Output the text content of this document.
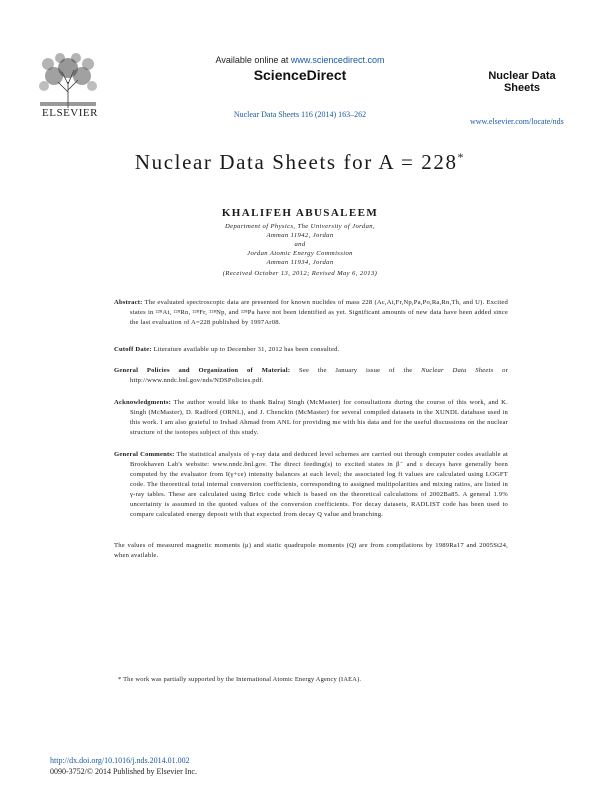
ELSEVIER
Available online at www.sciencedirect.com
ScienceDirect
Nuclear Data Sheets 116 (2014) 163–262
Nuclear Data
Sheets
www.elsevier.com/locate/nds
Nuclear Data Sheets for A = 228*
KHALIFEH ABUSALEEM
Department of Physics, The University of Jordan,
Amman 11942, Jordan
and
Jordan Atomic Energy Commission
Amman 11934, Jordan
(Received October 13, 2012; Revised May 6, 2013)
Abstract: The evaluated spectroscopic data are presented for known nuclides of mass 228 (Ac,At,Fr,Np,Pa,Po,Ra,Rn,Th, and U). Excited states in ²²⁸At, ²²⁸Rn, ²²⁸Fr, ²²⁸Np, and ²²⁸Pa have not been identified as yet. Significant amounts of new data have been added since the last evaluation of A=228 published by 1997Ar08.
Cutoff Date: Literature available up to December 31, 2012 has been consulted.
General Policies and Organization of Material: See the January issue of the Nuclear Data Sheets or http://www.nndc.bnl.gov/nds/NDSPolicies.pdf.
Acknowledgments: The author would like to thank Balraj Singh (McMaster) for consultations during the course of this work, and K. Singh (McMaster), D. Radford (ORNL), and J. Chenckin (McMaster) for several compiled datasets in the XUNDL database used in this work. I am also grateful to Irshad Ahmad from ANL for providing me with his data and for the useful discussions on the nuclear structure of the isotopes subject of this study.
General Comments: The statistical analysis of γ-ray data and deduced level schemes are carried out through computer codes available at Brookhaven Lab's website: www.nndc.bnl.gov. The direct feeding(s) to excited states in β⁻ and ε decays have generally been computed by the evaluator from I(γ+ce) intensity balances at each level; the associated log ft values are calculated using LOGFT code. The theoretical total internal conversion coefficients, corresponding to assigned multipolarities and mixing ratios, are listed in γ-ray tables. These are calculated using BrIcc code which is based on the theoretical calculations of 2002Ba85. A general 1.9% uncertainty is assumed in the quoted values of the conversion coefficients. For decay datasets, RADLIST code has been used to compare calculated energy deposit with that expected from decay Q value and branching.
The values of measured magnetic moments (μ) and static quadrupole moments (Q) are from compilations by 1989Ra17 and 2005St24, when available.
* The work was partially supported by the International Atomic Energy Agency (IAEA).
http://dx.doi.org/10.1016/j.nds.2014.01.002
0090-3752/© 2014 Published by Elsevier Inc.
